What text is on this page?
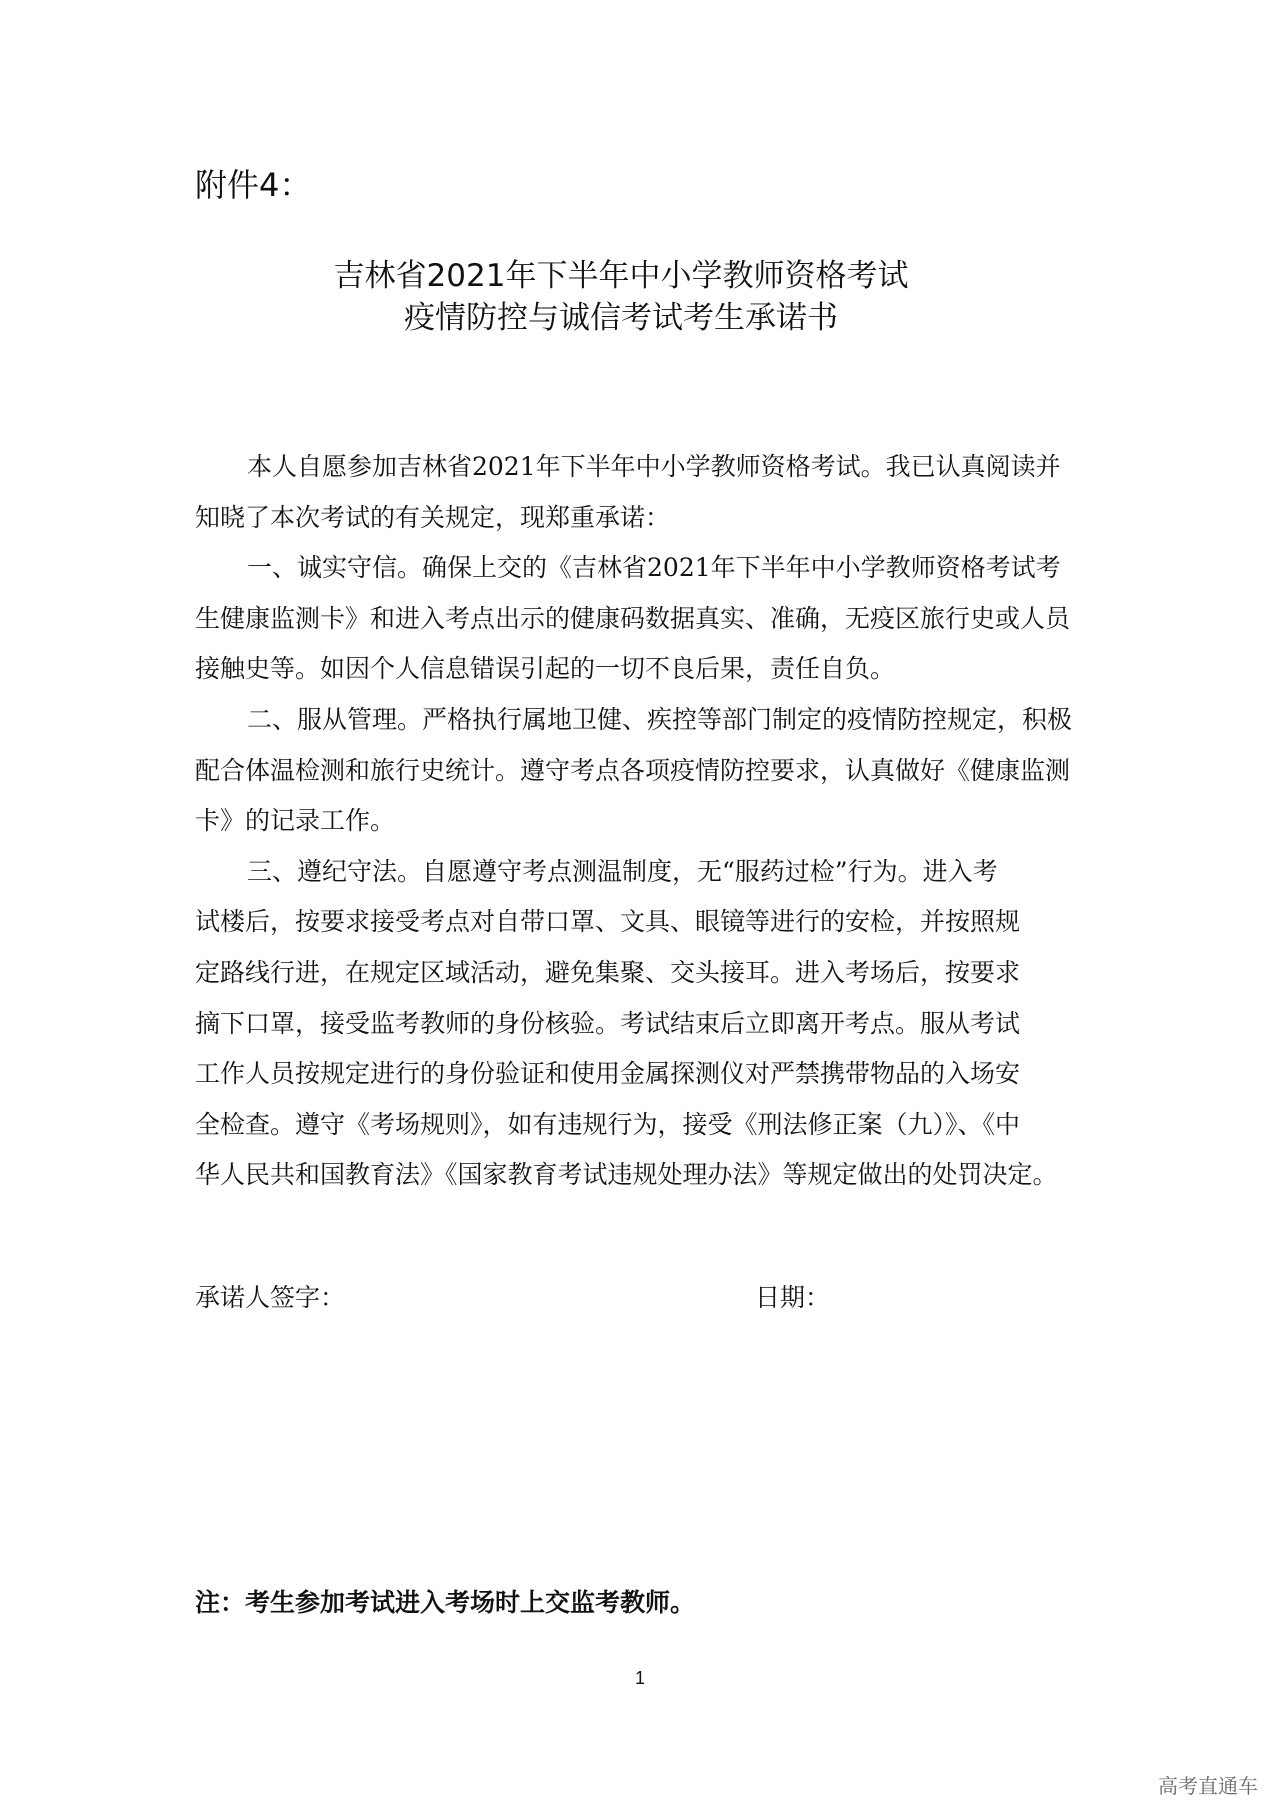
附件4：
吉林省2021年下半年中小学教师资格考试
疫情防控与诚信考试考生承诺书
本人自愿参加吉林省2021年下半年中小学教师资格考试。我已认真阅读并
知晓了本次考试的有关规定，现郑重承诺：
一、诚实守信。确保上交的《吉林省2021年下半年中小学教师资格考试考
生健康监测卡》和进入考点出示的健康码数据真实、准确，无疫区旅行史或人员
接触史等。如因个人信息错误引起的一切不良后果，责任自负。
二、服从管理。严格执行属地卫健、疾控等部门制定的疫情防控规定，积极
配合体温检测和旅行史统计。遵守考点各项疫情防控要求，认真做好《健康监测
卡》的记录工作。
三、遵纪守法。自愿遵守考点测温制度，无“服药过检”行为。进入考
试楼后，按要求接受考点对自带口罩、文具、眼镜等进行的安检，并按照规
定路线行进，在规定区域活动，避免集聚、交头接耳。进入考场后，按要求
摘下口罩，接受监考教师的身份核验。考试结束后立即离开考点。服从考试
工作人员按规定进行的身份验证和使用金属探测仪对严禁携带物品的入场安
全检查。遵守《考场规则》，如有违规行为，接受《刑法修正案（九）》、《中
华人民共和国教育法》《国家教育考试违规处理办法》等规定做出的处罚决定。
承诺人签字：	日期：
注：考生参加考试进入考场时上交监考教师。
1
高考直通车
